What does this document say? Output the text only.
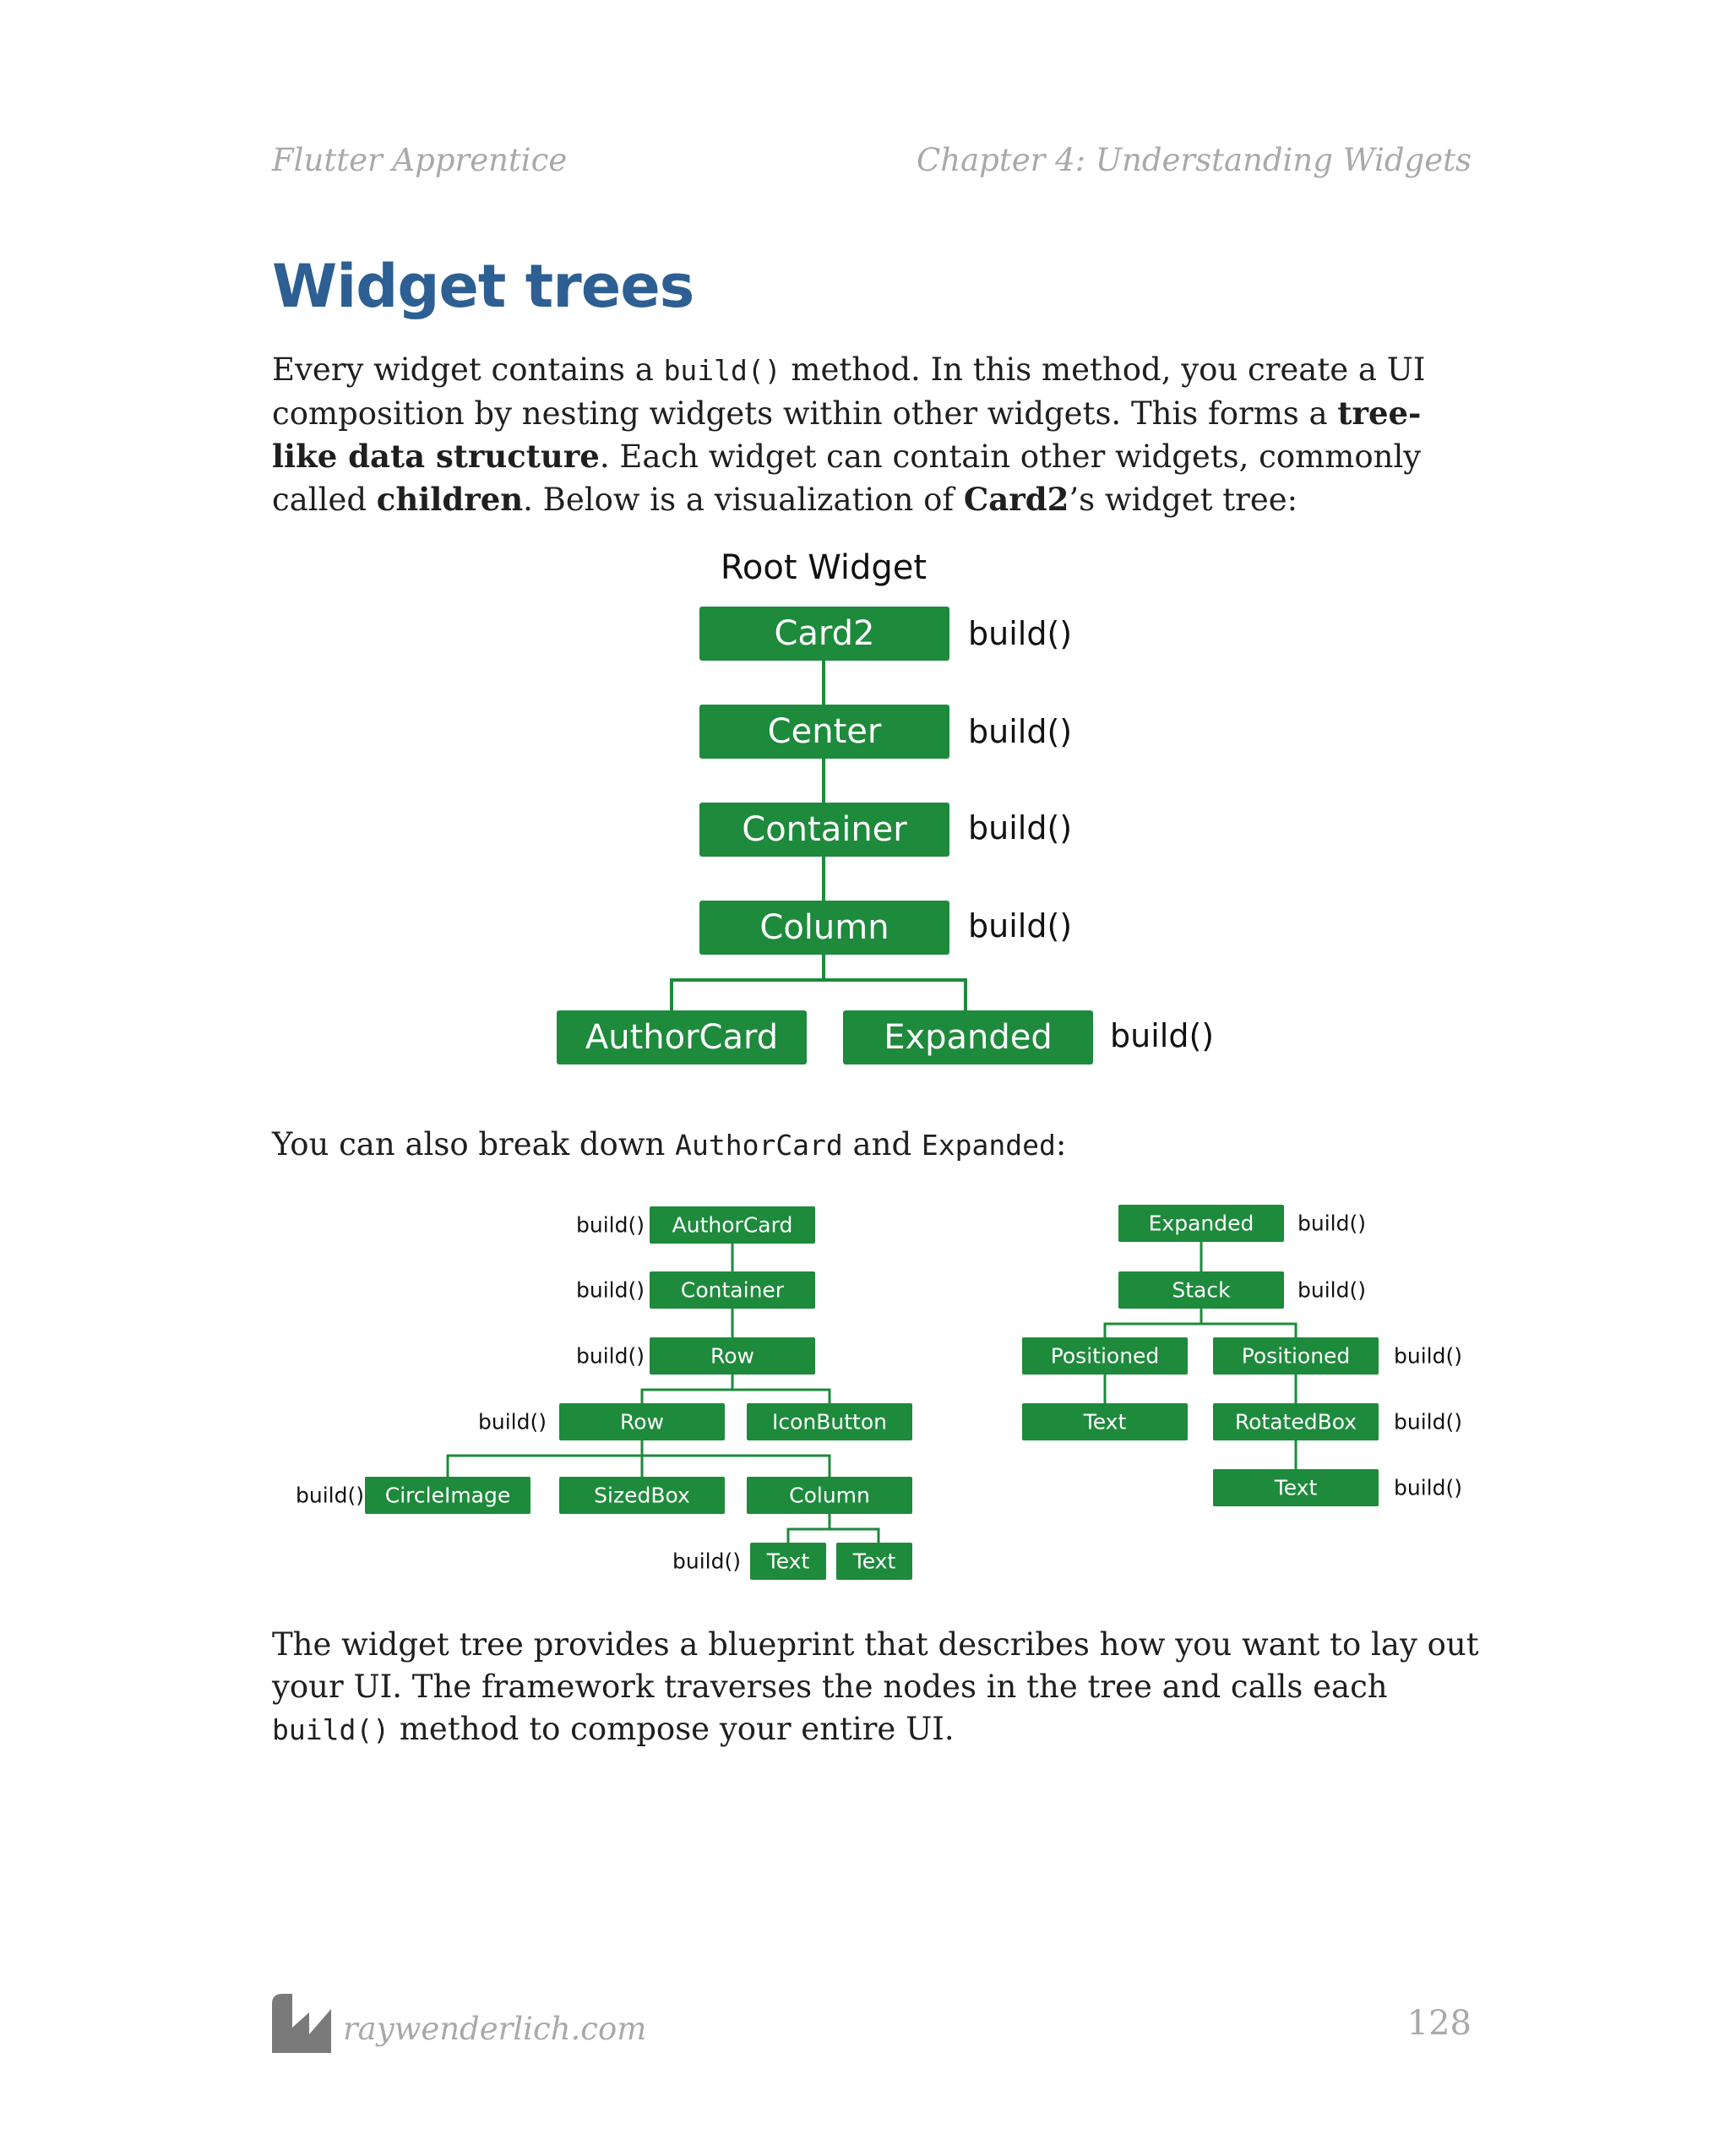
Flutter Apprentice	Chapter 4: Understanding Widgets
Widget trees

Every widget contains a build() method. In this method, you create a UI composition by nesting widgets within other widgets. This forms a tree-like data structure. Each widget can contain other widgets, commonly called children. Below is a visualization of Card2’s widget tree:

You can also break down AuthorCard and Expanded:

The widget tree provides a blueprint that describes how you want to lay out your UI. The framework traverses the nodes in the tree and calls each build() method to compose your entire UI.

Root Widget
Card2
Center
Container
Column
AuthorCard	Expanded
build()
build()
build()
build()
build()
AuthorCard
Container
Row
Row	IconButton
CircleImage	SizedBox	Column
Text Text
build()
build()
build()
build()
build()
build()
Expanded
Stack
Positioned	Positioned
Text	RotatedBox
Text
build()
build()
build()
build()
build()
raywenderlich.com	128
